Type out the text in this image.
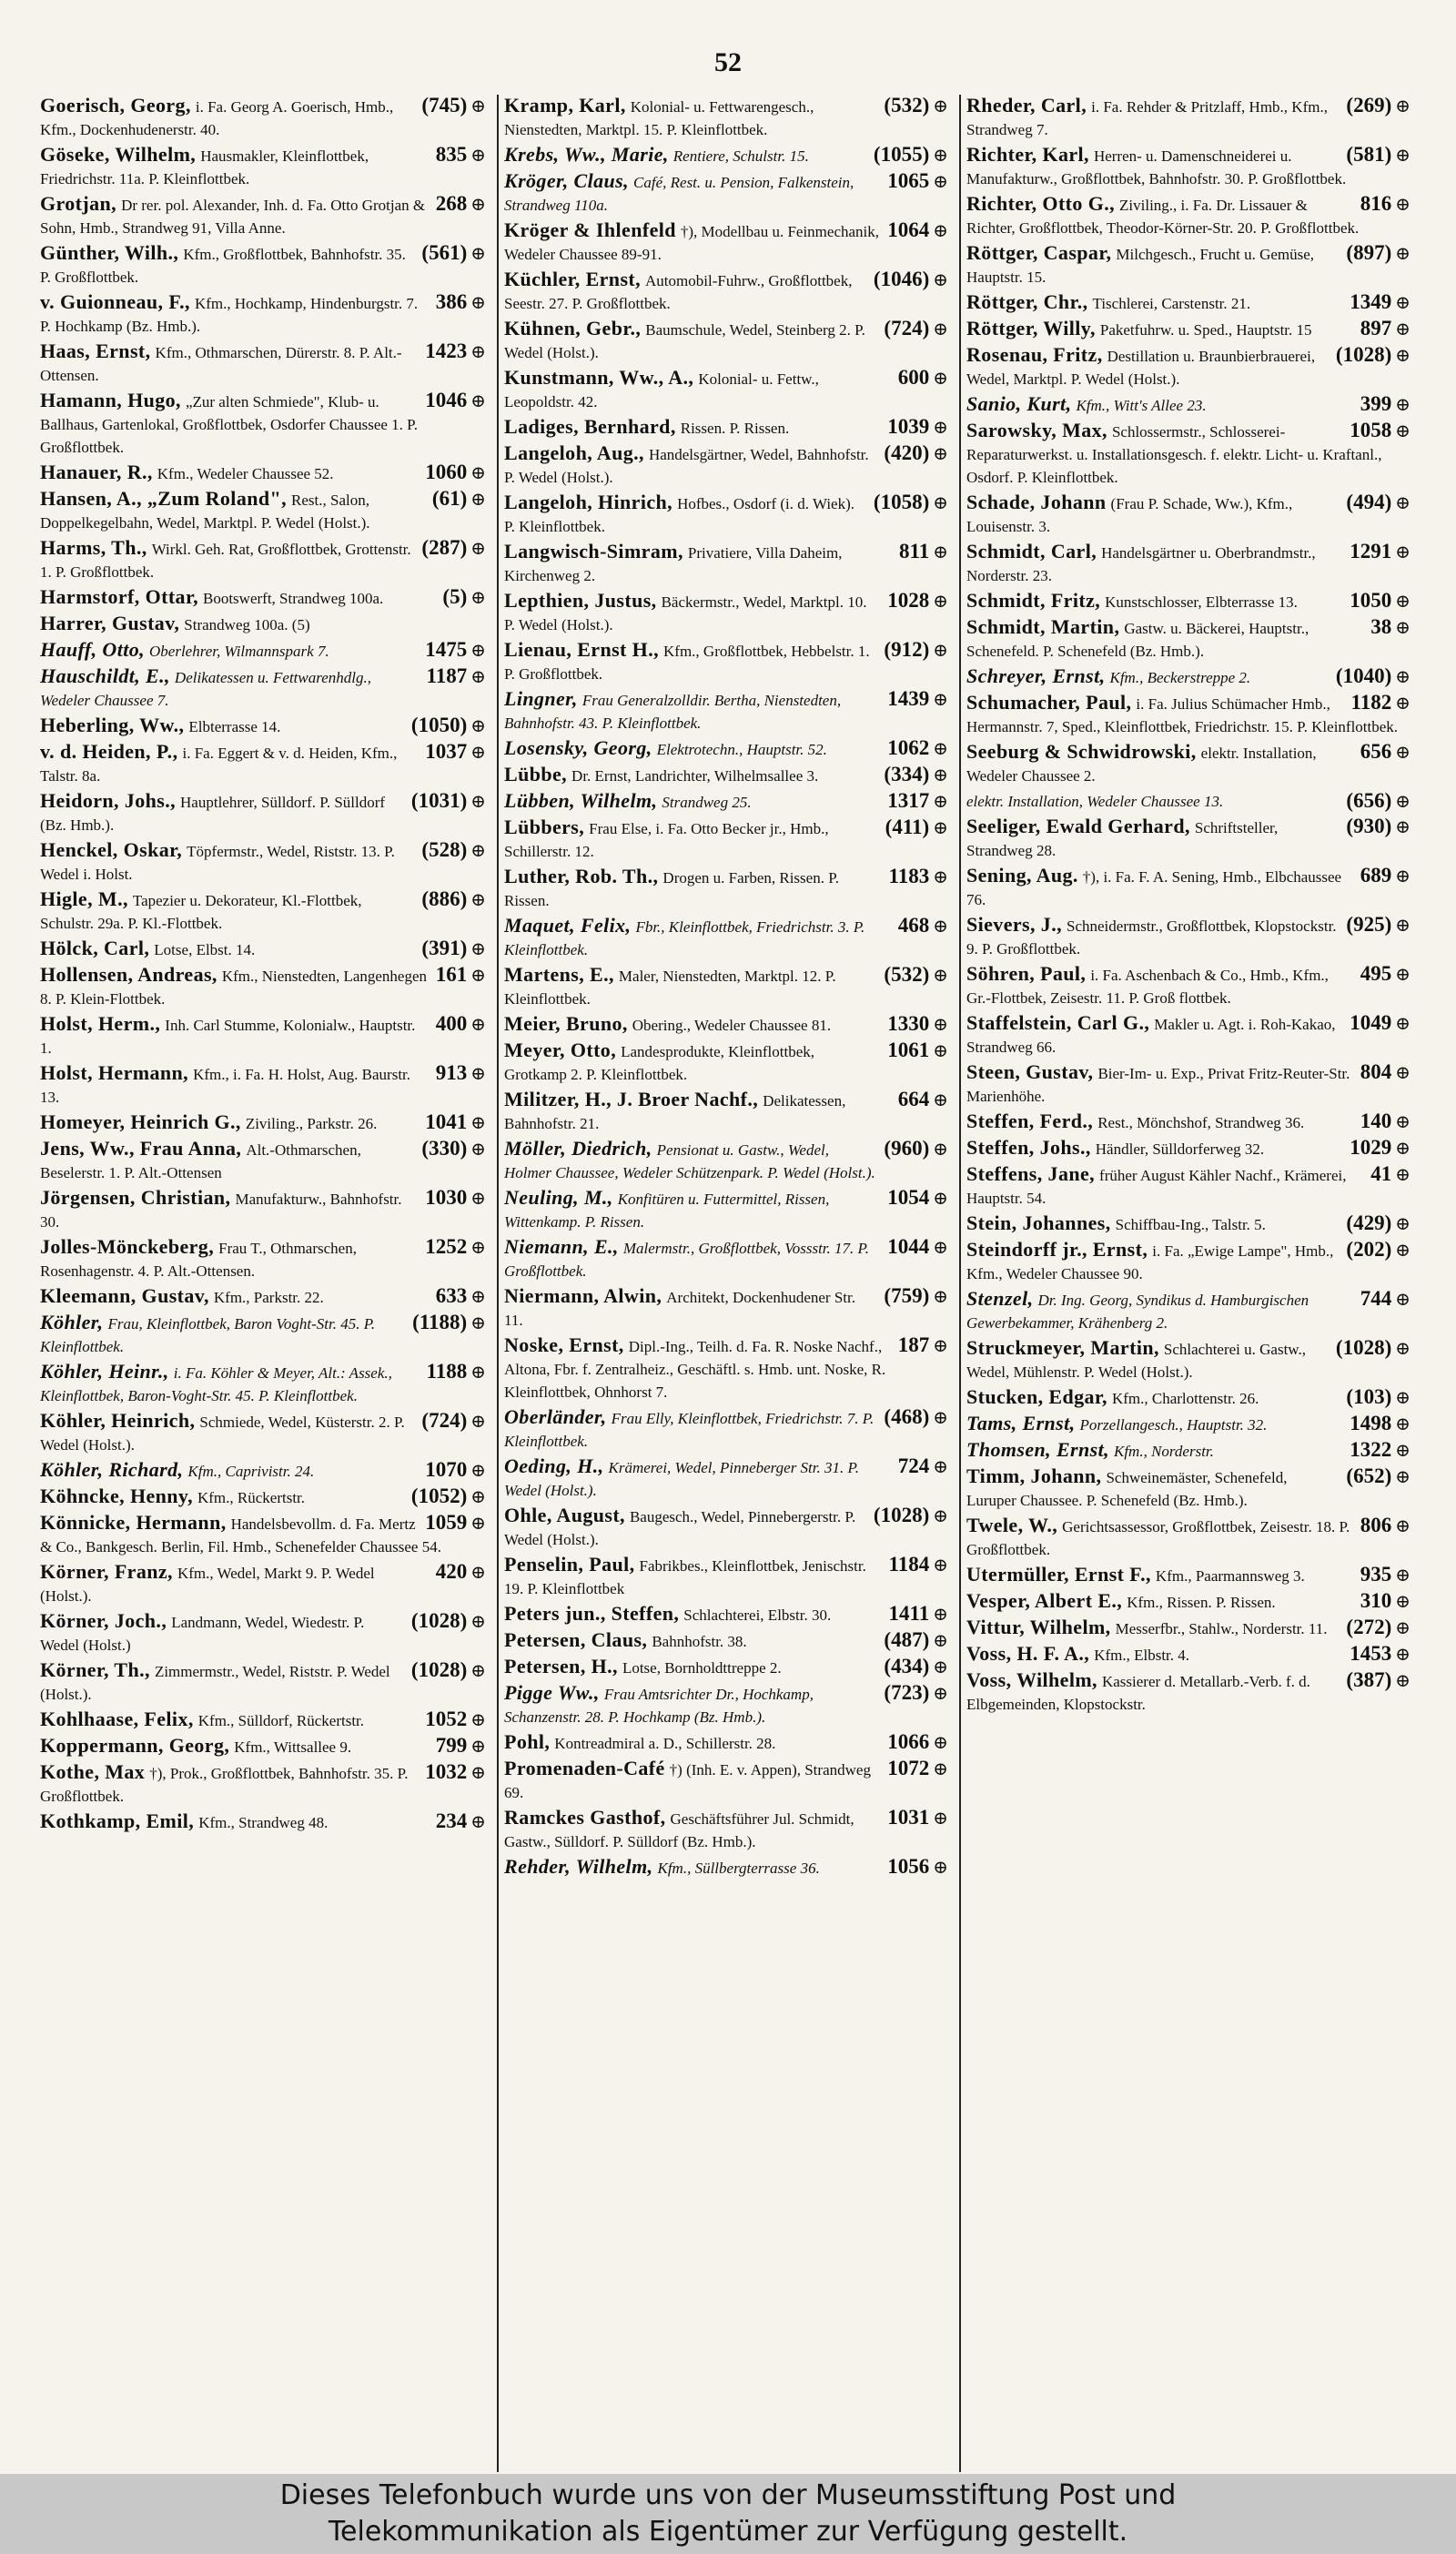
52
(745) ⊕
Goerisch, Georg, i. Fa. Georg A. Goerisch, Hmb., Kfm., Dockenhudenerstr. 40.
835 ⊕
Göseke, Wilhelm, Hausmakler, Kleinflottbek, Friedrichstr. 11a. P. Kleinflottbek.
268 ⊕
Grotjan, Dr rer. pol. Alexander, Inh. d. Fa. Otto Grotjan & Sohn, Hmb., Strandweg 91, Villa Anne.
(561) ⊕
Günther, Wilh., Kfm., Großflottbek, Bahnhofstr. 35. P. Großflottbek.
386 ⊕
v. Guionneau, F., Kfm., Hochkamp, Hindenburgstr. 7. P. Hochkamp (Bz. Hmb.).
1423 ⊕
Haas, Ernst, Kfm., Othmarschen, Dürerstr. 8. P. Alt.-Ottensen.
1046 ⊕
Hamann, Hugo, „Zur alten Schmiede", Klub- u. Ballhaus, Gartenlokal, Großflottbek, Osdorfer Chaussee 1. P. Großflottbek.
1060 ⊕
Hanauer, R., Kfm., Wedeler Chaussee 52.
(61) ⊕
Hansen, A., „Zum Roland", Rest., Salon, Doppelkegelbahn, Wedel, Marktpl. P. Wedel (Holst.).
(287) ⊕
Harms, Th., Wirkl. Geh. Rat, Großflottbek, Grottenstr. 1. P. Großflottbek.
(5) ⊕
Harmstorf, Ottar, Bootswerft, Strandweg 100a.
Harrer, Gustav, Strandweg 100a. (5)
1475 ⊕
Hauff, Otto, Oberlehrer, Wilmannspark 7.
1187 ⊕
Hauschildt, E., Delikatessen u. Fettwarenhdlg., Wedeler Chaussee 7.
(1050) ⊕
Heberling, Ww., Elbterrasse 14.
1037 ⊕
v. d. Heiden, P., i. Fa. Eggert & v. d. Heiden, Kfm., Talstr. 8a.
(1031) ⊕
Heidorn, Johs., Hauptlehrer, Sülldorf. P. Sülldorf (Bz. Hmb.).
(528) ⊕
Henckel, Oskar, Töpfermstr., Wedel, Riststr. 13. P. Wedel i. Holst.
(886) ⊕
Higle, M., Tapezier u. Dekorateur, Kl.-Flottbek, Schulstr. 29a. P. Kl.-Flottbek.
(391) ⊕
Hölck, Carl, Lotse, Elbst. 14.
161 ⊕
Hollensen, Andreas, Kfm., Nienstedten, Langenhegen 8. P. Klein-Flottbek.
400 ⊕
Holst, Herm., Inh. Carl Stumme, Kolonialw., Hauptstr. 1.
913 ⊕
Holst, Hermann, Kfm., i. Fa. H. Holst, Aug. Baurstr. 13.
1041 ⊕
Homeyer, Heinrich G., Ziviling., Parkstr. 26.
(330) ⊕
Jens, Ww., Frau Anna, Alt.-Othmarschen, Beselerstr. 1. P. Alt.-Ottensen
1030 ⊕
Jörgensen, Christian, Manufakturw., Bahnhofstr. 30.
1252 ⊕
Jolles-Mönckeberg, Frau T., Othmarschen, Rosenhagenstr. 4. P. Alt.-Ottensen.
633 ⊕
Kleemann, Gustav, Kfm., Parkstr. 22.
(1188) ⊕
Köhler, Frau, Kleinflottbek, Baron Voght-Str. 45. P. Kleinflottbek.
1188 ⊕
Köhler, Heinr., i. Fa. Köhler & Meyer, Alt.: Assek., Kleinflottbek, Baron-Voght-Str. 45. P. Kleinflottbek.
(724) ⊕
Köhler, Heinrich, Schmiede, Wedel, Küsterstr. 2. P. Wedel (Holst.).
1070 ⊕
Köhler, Richard, Kfm., Caprivistr. 24.
(1052) ⊕
Köhncke, Henny, Kfm., Rückertstr.
1059 ⊕
Könnicke, Hermann, Handelsbevollm. d. Fa. Mertz & Co., Bankgesch. Berlin, Fil. Hmb., Schenefelder Chaussee 54.
420 ⊕
Körner, Franz, Kfm., Wedel, Markt 9. P. Wedel (Holst.).
(1028) ⊕
Körner, Joch., Landmann, Wedel, Wiedestr. P. Wedel (Holst.)
(1028) ⊕
Körner, Th., Zimmermstr., Wedel, Riststr. P. Wedel (Holst.).
1052 ⊕
Kohlhaase, Felix, Kfm., Sülldorf, Rückertstr.
799 ⊕
Koppermann, Georg, Kfm., Wittsallee 9.
1032 ⊕
Kothe, Max †), Prok., Großflottbek, Bahnhofstr. 35. P. Großflottbek.
234 ⊕
Kothkamp, Emil, Kfm., Strandweg 48.
(532) ⊕
Kramp, Karl, Kolonial- u. Fettwarengesch., Nienstedten, Marktpl. 15. P. Kleinflottbek.
(1055) ⊕
Krebs, Ww., Marie, Rentiere, Schulstr. 15.
1065 ⊕
Kröger, Claus, Café, Rest. u. Pension, Falkenstein, Strandweg 110a.
1064 ⊕
Kröger & Ihlenfeld †), Modellbau u. Feinmechanik, Wedeler Chaussee 89-91.
(1046) ⊕
Küchler, Ernst, Automobil-Fuhrw., Großflottbek, Seestr. 27. P. Großflottbek.
(724) ⊕
Kühnen, Gebr., Baumschule, Wedel, Steinberg 2. P. Wedel (Holst.).
600 ⊕
Kunstmann, Ww., A., Kolonial- u. Fettw., Leopoldstr. 42.
1039 ⊕
Ladiges, Bernhard, Rissen. P. Rissen.
(420) ⊕
Langeloh, Aug., Handelsgärtner, Wedel, Bahnhofstr. P. Wedel (Holst.).
(1058) ⊕
Langeloh, Hinrich, Hofbes., Osdorf (i. d. Wiek). P. Kleinflottbek.
811 ⊕
Langwisch-Simram, Privatiere, Villa Daheim, Kirchenweg 2.
1028 ⊕
Lepthien, Justus, Bäckermstr., Wedel, Marktpl. 10. P. Wedel (Holst.).
(912) ⊕
Lienau, Ernst H., Kfm., Großflottbek, Hebbelstr. 1. P. Großflottbek.
1439 ⊕
Lingner, Frau Generalzolldir. Bertha, Nienstedten, Bahnhofstr. 43. P. Kleinflottbek.
1062 ⊕
Losensky, Georg, Elektrotechn., Hauptstr. 52.
(334) ⊕
Lübbe, Dr. Ernst, Landrichter, Wilhelmsallee 3.
1317 ⊕
Lübben, Wilhelm, Strandweg 25.
(411) ⊕
Lübbers, Frau Else, i. Fa. Otto Becker jr., Hmb., Schillerstr. 12.
1183 ⊕
Luther, Rob. Th., Drogen u. Farben, Rissen. P. Rissen.
468 ⊕
Maquet, Felix, Fbr., Kleinflottbek, Friedrichstr. 3. P. Kleinflottbek.
(532) ⊕
Martens, E., Maler, Nienstedten, Marktpl. 12. P. Kleinflottbek.
1330 ⊕
Meier, Bruno, Obering., Wedeler Chaussee 81.
1061 ⊕
Meyer, Otto, Landesprodukte, Kleinflottbek, Grotkamp 2. P. Kleinflottbek.
664 ⊕
Militzer, H., J. Broer Nachf., Delikatessen, Bahnhofstr. 21.
(960) ⊕
Möller, Diedrich, Pensionat u. Gastw., Wedel, Holmer Chaussee, Wedeler Schützenpark. P. Wedel (Holst.).
1054 ⊕
Neuling, M., Konfitüren u. Futtermittel, Rissen, Wittenkamp. P. Rissen.
1044 ⊕
Niemann, E., Malermstr., Großflottbek, Vossstr. 17. P. Großflottbek.
(759) ⊕
Niermann, Alwin, Architekt, Dockenhudener Str. 11.
187 ⊕
Noske, Ernst, Dipl.-Ing., Teilh. d. Fa. R. Noske Nachf., Altona, Fbr. f. Zentralheiz., Geschäftl. s. Hmb. unt. Noske, R. Kleinflottbek, Ohnhorst 7.
(468) ⊕
Oberländer, Frau Elly, Kleinflottbek, Friedrichstr. 7. P. Kleinflottbek.
724 ⊕
Oeding, H., Krämerei, Wedel, Pinneberger Str. 31. P. Wedel (Holst.).
(1028) ⊕
Ohle, August, Baugesch., Wedel, Pinnebergerstr. P. Wedel (Holst.).
1184 ⊕
Penselin, Paul, Fabrikbes., Kleinflottbek, Jenischstr. 19. P. Kleinflottbek
1411 ⊕
Peters jun., Steffen, Schlachterei, Elbstr. 30.
(487) ⊕
Petersen, Claus, Bahnhofstr. 38.
(434) ⊕
Petersen, H., Lotse, Bornholdttreppe 2.
(723) ⊕
Pigge Ww., Frau Amtsrichter Dr., Hochkamp, Schanzenstr. 28. P. Hochkamp (Bz. Hmb.).
1066 ⊕
Pohl, Kontreadmiral a. D., Schillerstr. 28.
1072 ⊕
Promenaden-Café †) (Inh. E. v. Appen), Strandweg 69.
1031 ⊕
Ramckes Gasthof, Geschäftsführer Jul. Schmidt, Gastw., Sülldorf. P. Sülldorf (Bz. Hmb.).
1056 ⊕
Rehder, Wilhelm, Kfm., Süllbergterrasse 36.
(269) ⊕
Rheder, Carl, i. Fa. Rehder & Pritzlaff, Hmb., Kfm., Strandweg 7.
(581) ⊕
Richter, Karl, Herren- u. Damenschneiderei u. Manufakturw., Großflottbek, Bahnhofstr. 30. P. Großflottbek.
816 ⊕
Richter, Otto G., Ziviling., i. Fa. Dr. Lissauer & Richter, Großflottbek, Theodor-Körner-Str. 20. P. Großflottbek.
(897) ⊕
Röttger, Caspar, Milchgesch., Frucht u. Gemüse, Hauptstr. 15.
1349 ⊕
Röttger, Chr., Tischlerei, Carstenstr. 21.
897 ⊕
Röttger, Willy, Paketfuhrw. u. Sped., Hauptstr. 15
(1028) ⊕
Rosenau, Fritz, Destillation u. Braunbierbrauerei, Wedel, Marktpl. P. Wedel (Holst.).
399 ⊕
Sanio, Kurt, Kfm., Witt's Allee 23.
1058 ⊕
Sarowsky, Max, Schlossermstr., Schlosserei-Reparaturwerkst. u. Installationsgesch. f. elektr. Licht- u. Kraftanl., Osdorf. P. Kleinflottbek.
(494) ⊕
Schade, Johann (Frau P. Schade, Ww.), Kfm., Louisenstr. 3.
1291 ⊕
Schmidt, Carl, Handelsgärtner u. Oberbrandmstr., Norderstr. 23.
1050 ⊕
Schmidt, Fritz, Kunstschlosser, Elbterrasse 13.
38 ⊕
Schmidt, Martin, Gastw. u. Bäckerei, Hauptstr., Schenefeld. P. Schenefeld (Bz. Hmb.).
(1040) ⊕
Schreyer, Ernst, Kfm., Beckerstreppe 2.
1182 ⊕
Schumacher, Paul, i. Fa. Julius Schümacher Hmb., Hermannstr. 7, Sped., Kleinflottbek, Friedrichstr. 15. P. Kleinflottbek.
656 ⊕
Seeburg & Schwidrowski, elektr. Installation, Wedeler Chaussee 2.
(656) ⊕
elektr. Installation, Wedeler Chaussee 13.
(930) ⊕
Seeliger, Ewald Gerhard, Schriftsteller, Strandweg 28.
689 ⊕
Sening, Aug. †), i. Fa. F. A. Sening, Hmb., Elbchaussee 76.
(925) ⊕
Sievers, J., Schneidermstr., Großflottbek, Klopstockstr. 9. P. Großflottbek.
495 ⊕
Söhren, Paul, i. Fa. Aschenbach & Co., Hmb., Kfm., Gr.-Flottbek, Zeisestr. 11. P. Groß flottbek.
1049 ⊕
Staffelstein, Carl G., Makler u. Agt. i. Roh-Kakao, Strandweg 66.
804 ⊕
Steen, Gustav, Bier-Im- u. Exp., Privat Fritz-Reuter-Str. Marienhöhe.
140 ⊕
Steffen, Ferd., Rest., Mönchshof, Strandweg 36.
1029 ⊕
Steffen, Johs., Händler, Sülldorferweg 32.
41 ⊕
Steffens, Jane, früher August Kähler Nachf., Krämerei, Hauptstr. 54.
(429) ⊕
Stein, Johannes, Schiffbau-Ing., Talstr. 5.
(202) ⊕
Steindorff jr., Ernst, i. Fa. „Ewige Lampe", Hmb., Kfm., Wedeler Chaussee 90.
744 ⊕
Stenzel, Dr. Ing. Georg, Syndikus d. Hamburgischen Gewerbekammer, Krähenberg 2.
(1028) ⊕
Struckmeyer, Martin, Schlachterei u. Gastw., Wedel, Mühlenstr. P. Wedel (Holst.).
(103) ⊕
Stucken, Edgar, Kfm., Charlottenstr. 26.
1498 ⊕
Tams, Ernst, Porzellangesch., Hauptstr. 32.
1322 ⊕
Thomsen, Ernst, Kfm., Norderstr.
(652) ⊕
Timm, Johann, Schweinemäster, Schenefeld, Luruper Chaussee. P. Schenefeld (Bz. Hmb.).
806 ⊕
Twele, W., Gerichtsassessor, Großflottbek, Zeisestr. 18. P. Großflottbek.
935 ⊕
Utermüller, Ernst F., Kfm., Paarmannsweg 3.
310 ⊕
Vesper, Albert E., Kfm., Rissen. P. Rissen.
(272) ⊕
Vittur, Wilhelm, Messerfbr., Stahlw., Norderstr. 11.
1453 ⊕
Voss, H. F. A., Kfm., Elbstr. 4.
(387) ⊕
Voss, Wilhelm, Kassierer d. Metallarb.-Verb. f. d. Elbgemeinden, Klopstockstr.
Dieses Telefonbuch wurde uns von der Museumsstiftung Post und
Telekommunikation als Eigentümer zur Verfügung gestellt.
